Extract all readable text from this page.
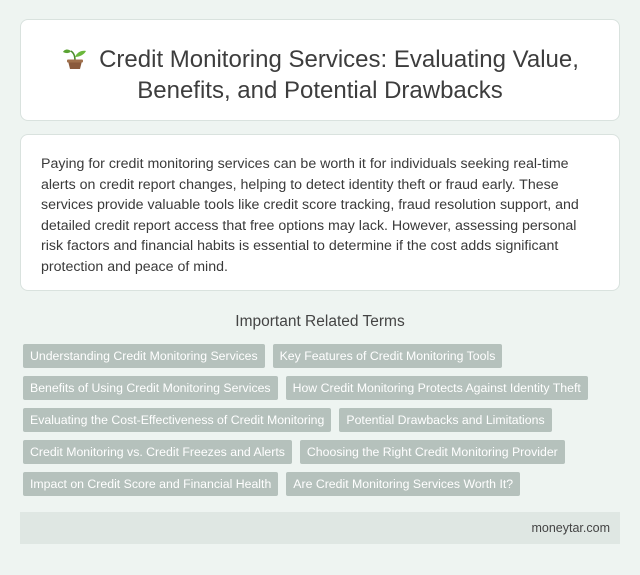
Credit Monitoring Services: Evaluating Value, Benefits, and Potential Drawbacks

Paying for credit monitoring services can be worth it for individuals seeking real-time alerts on credit report changes, helping to detect identity theft or fraud early. These services provide valuable tools like credit score tracking, fraud resolution support, and detailed credit report access that free options may lack. However, assessing personal risk factors and financial habits is essential to determine if the cost adds significant protection and peace of mind.

Important Related Terms
Understanding Credit Monitoring Services	Key Features of Credit Monitoring Tools
Benefits of Using Credit Monitoring Services	How Credit Monitoring Protects Against Identity Theft
Evaluating the Cost-Effectiveness of Credit Monitoring	Potential Drawbacks and Limitations
Credit Monitoring vs. Credit Freezes and Alerts	Choosing the Right Credit Monitoring Provider
Impact on Credit Score and Financial Health	Are Credit Monitoring Services Worth It?
moneytar.com
